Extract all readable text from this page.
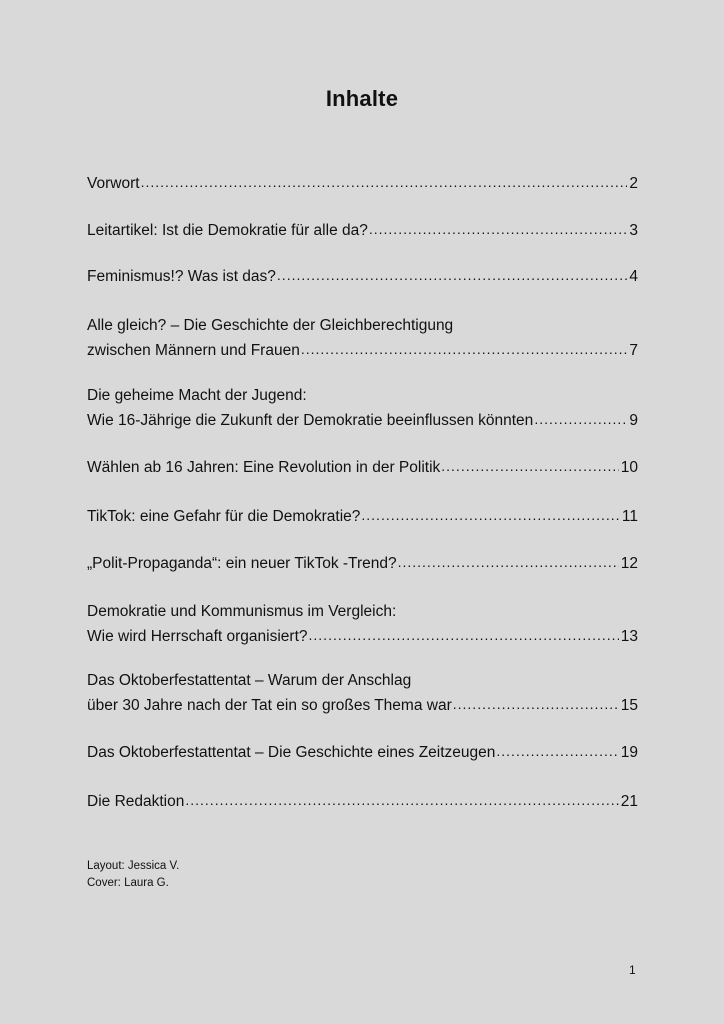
Inhalte
Vorwort .....	2
Leitartikel: Ist die Demokratie für alle da? .....	3
Feminismus!? Was ist das? .....	4
Alle gleich? – Die Geschichte der Gleichberechtigung
zwischen Männern und Frauen .....	7
Die geheime Macht der Jugend:
Wie 16-Jährige die Zukunft der Demokratie beeinflussen könnten .....	9
Wählen ab 16 Jahren: Eine Revolution in der Politik .....	10
TikTok: eine Gefahr für die Demokratie? .....	11
„Polit-Propaganda“: ein neuer TikTok -Trend? .....	12
Demokratie und Kommunismus im Vergleich:
Wie wird Herrschaft organisiert? .....	13
Das Oktoberfestattentat – Warum der Anschlag
über 30 Jahre nach der Tat ein so großes Thema war .....	15
Das Oktoberfestattentat – Die Geschichte eines Zeitzeugen .....	19
Die Redaktion .....	21
Layout: Jessica V.
Cover: Laura G.
1
